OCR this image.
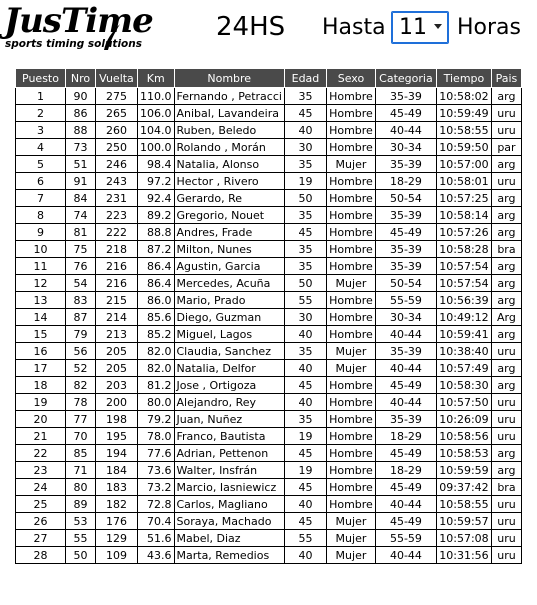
JusTime
sports timing solutions
24HS Hasta 11 Horas
Puesto	Nro	Vuelta	Km	Nombre	Edad	Sexo	Categoria	Tiempo	Pais
1	90	275	110.0	Fernando , Petracci	35	Hombre	35-39	10:58:02	arg
2	86	265	106.0	Anibal, Lavandeira	45	Hombre	45-49	10:59:49	uru
3	88	260	104.0	Ruben, Beledo	40	Hombre	40-44	10:58:55	uru
4	73	250	100.0	Rolando , Morán	30	Hombre	30-34	10:59:50	par
5	51	246	98.4	Natalia, Alonso	35	Mujer	35-39	10:57:00	arg
6	91	243	97.2	Hector , Rivero	19	Hombre	18-29	10:58:01	uru
7	84	231	92.4	Gerardo, Re	50	Hombre	50-54	10:57:25	arg
8	74	223	89.2	Gregorio, Nouet	35	Hombre	35-39	10:58:14	arg
9	81	222	88.8	Andres, Frade	45	Hombre	45-49	10:57:26	arg
10	75	218	87.2	Milton, Nunes	35	Hombre	35-39	10:58:28	bra
11	76	216	86.4	Agustin, Garcia	35	Hombre	35-39	10:57:54	arg
12	54	216	86.4	Mercedes, Acuña	50	Mujer	50-54	10:57:54	arg
13	83	215	86.0	Mario, Prado	55	Hombre	55-59	10:56:39	arg
14	87	214	85.6	Diego, Guzman	30	Hombre	30-34	10:49:12	Arg
15	79	213	85.2	Miguel, Lagos	40	Hombre	40-44	10:59:41	arg
16	56	205	82.0	Claudia, Sanchez	35	Mujer	35-39	10:38:40	uru
17	52	205	82.0	Natalia, Delfor	40	Mujer	40-44	10:57:49	arg
18	82	203	81.2	Jose , Ortigoza	45	Hombre	45-49	10:58:30	arg
19	78	200	80.0	Alejandro, Rey	40	Hombre	40-44	10:57:50	uru
20	77	198	79.2	Juan, Nuñez	35	Hombre	35-39	10:26:09	uru
21	70	195	78.0	Franco, Bautista	19	Hombre	18-29	10:58:56	uru
22	85	194	77.6	Adrian, Pettenon	45	Hombre	45-49	10:58:53	arg
23	71	184	73.6	Walter, Insfrán	19	Hombre	18-29	10:59:59	arg
24	80	183	73.2	Marcio, Iasniewicz	45	Hombre	45-49	09:37:42	bra
25	89	182	72.8	Carlos, Magliano	40	Hombre	40-44	10:58:55	uru
26	53	176	70.4	Soraya, Machado	45	Mujer	45-49	10:59:57	uru
27	55	129	51.6	Mabel, Diaz	55	Mujer	55-59	10:57:08	uru
28	50	109	43.6	Marta, Remedios	40	Mujer	40-44	10:31:56	uru
